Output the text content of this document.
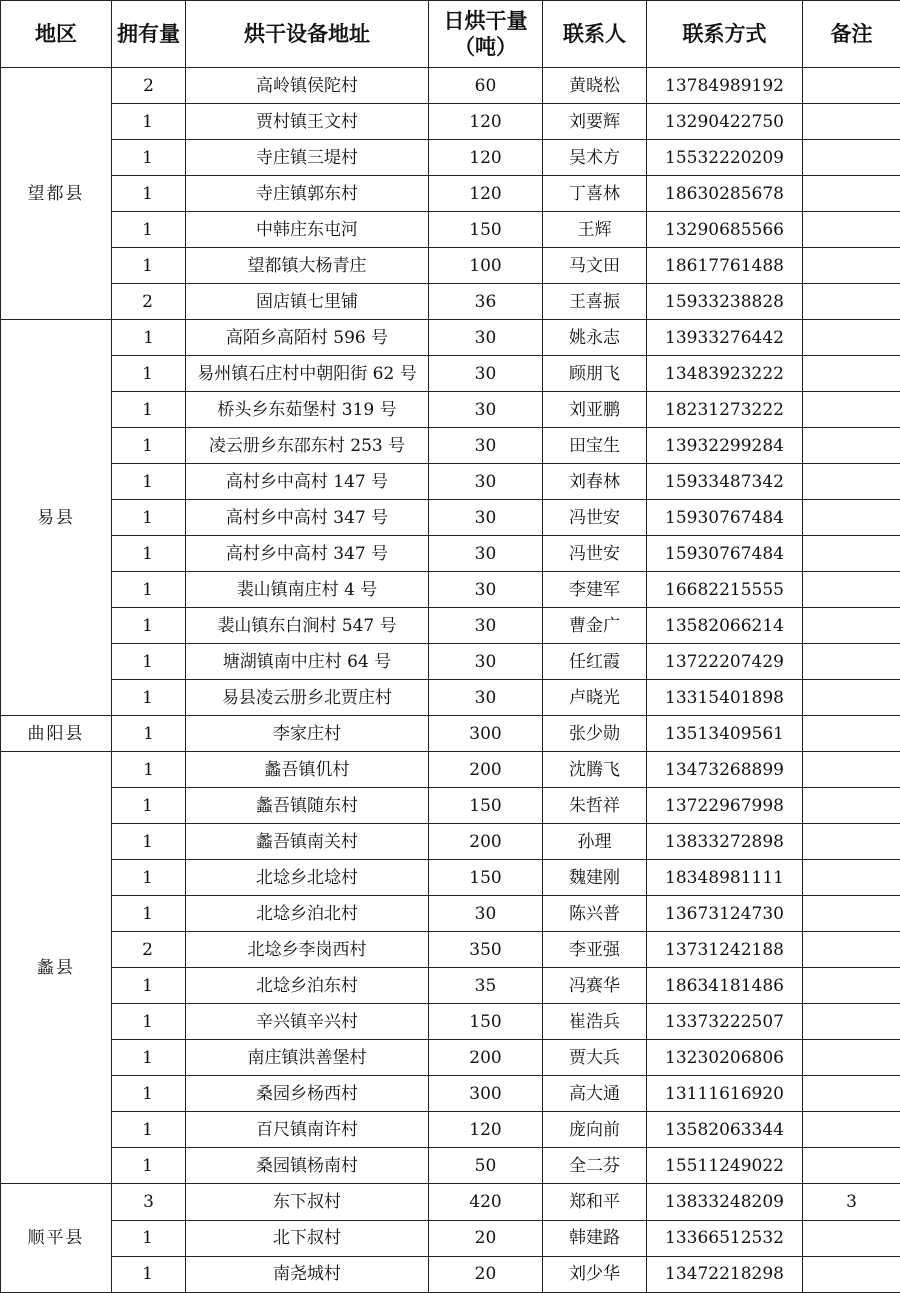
地区	拥有量	烘干设备地址	日烘干量（吨）	联系人	联系方式	备注
望都县	2	高岭镇侯陀村	60	黄晓松	13784989192	
	1	贾村镇王文村	120	刘要辉	13290422750	
	1	寺庄镇三堤村	120	吴术方	15532220209	
	1	寺庄镇郭东村	120	丁喜林	18630285678	
	1	中韩庄东屯河	150	王辉	13290685566	
	1	望都镇大杨青庄	100	马文田	18617761488	
	2	固店镇七里铺	36	王喜振	15933238828	
易县	1	高陌乡高陌村 596 号	30	姚永志	13933276442	
	1	易州镇石庄村中朝阳街 62 号	30	顾朋飞	13483923222	
	1	桥头乡东茹堡村 319 号	30	刘亚鹏	18231273222	
	1	凌云册乡东邵东村 253 号	30	田宝生	13932299284	
	1	高村乡中高村 147 号	30	刘春林	15933487342	
	1	高村乡中高村 347 号	30	冯世安	15930767484	
	1	高村乡中高村 347 号	30	冯世安	15930767484	
	1	裴山镇南庄村 4 号	30	李建军	16682215555	
	1	裴山镇东白涧村 547 号	30	曹金广	13582066214	
	1	塘湖镇南中庄村 64 号	30	任红霞	13722207429	
	1	易县凌云册乡北贾庄村	30	卢晓光	13315401898	
曲阳县	1	李家庄村	300	张少勋	13513409561	
蠡县	1	蠡吾镇仉村	200	沈腾飞	13473268899	
	1	蠡吾镇随东村	150	朱哲祥	13722967998	
	1	蠡吾镇南关村	200	孙理	13833272898	
	1	北埝乡北埝村	150	魏建刚	18348981111	
	1	北埝乡泊北村	30	陈兴普	13673124730	
	2	北埝乡李岗西村	350	李亚强	13731242188	
	1	北埝乡泊东村	35	冯赛华	18634181486	
	1	辛兴镇辛兴村	150	崔浩兵	13373222507	
	1	南庄镇洪善堡村	200	贾大兵	13230206806	
	1	桑园乡杨西村	300	高大通	13111616920	
	1	百尺镇南许村	120	庞向前	13582063344	
	1	桑园镇杨南村	50	全二芬	15511249022	
顺平县	3	东下叔村	420	郑和平	13833248209	3
	1	北下叔村	20	韩建路	13366512532	
	1	南尧城村	20	刘少华	13472218298	
